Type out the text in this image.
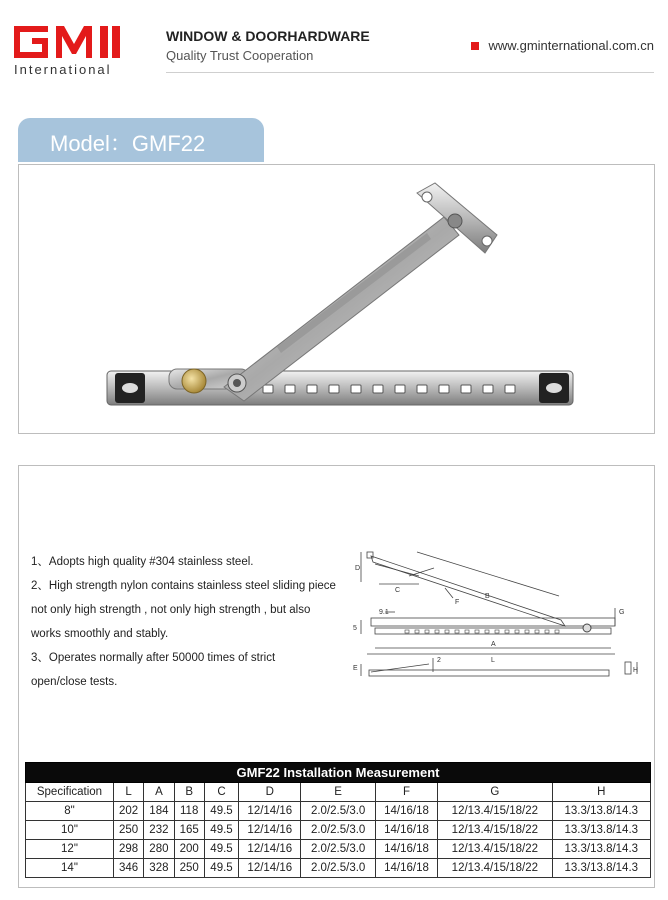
International
WINDOW & DOORHARDWARE
Quality Trust Cooperation
www.gminternational.com.cn
Model：GMF22
1、Adopts high quality #304 stainless steel.
2、High strength nylon contains stainless steel sliding piece
not only high strength , not only high strength , but also
works smoothly and stably.
3、Operates normally after 50000 times of strict
open/close tests.
D
C
B
F
9.1
5
G
A
L
E
2
H
GMF22 Installation Measurement									
Specification	L	A	B	C	D	E	F	G	H
8"	202	184	118	49.5	12/14/16	2.0/2.5/3.0	14/16/18	12/13.4/15/18/22	13.3/13.8/14.3
10"	250	232	165	49.5	12/14/16	2.0/2.5/3.0	14/16/18	12/13.4/15/18/22	13.3/13.8/14.3
12"	298	280	200	49.5	12/14/16	2.0/2.5/3.0	14/16/18	12/13.4/15/18/22	13.3/13.8/14.3
14"	346	328	250	49.5	12/14/16	2.0/2.5/3.0	14/16/18	12/13.4/15/18/22	13.3/13.8/14.3
